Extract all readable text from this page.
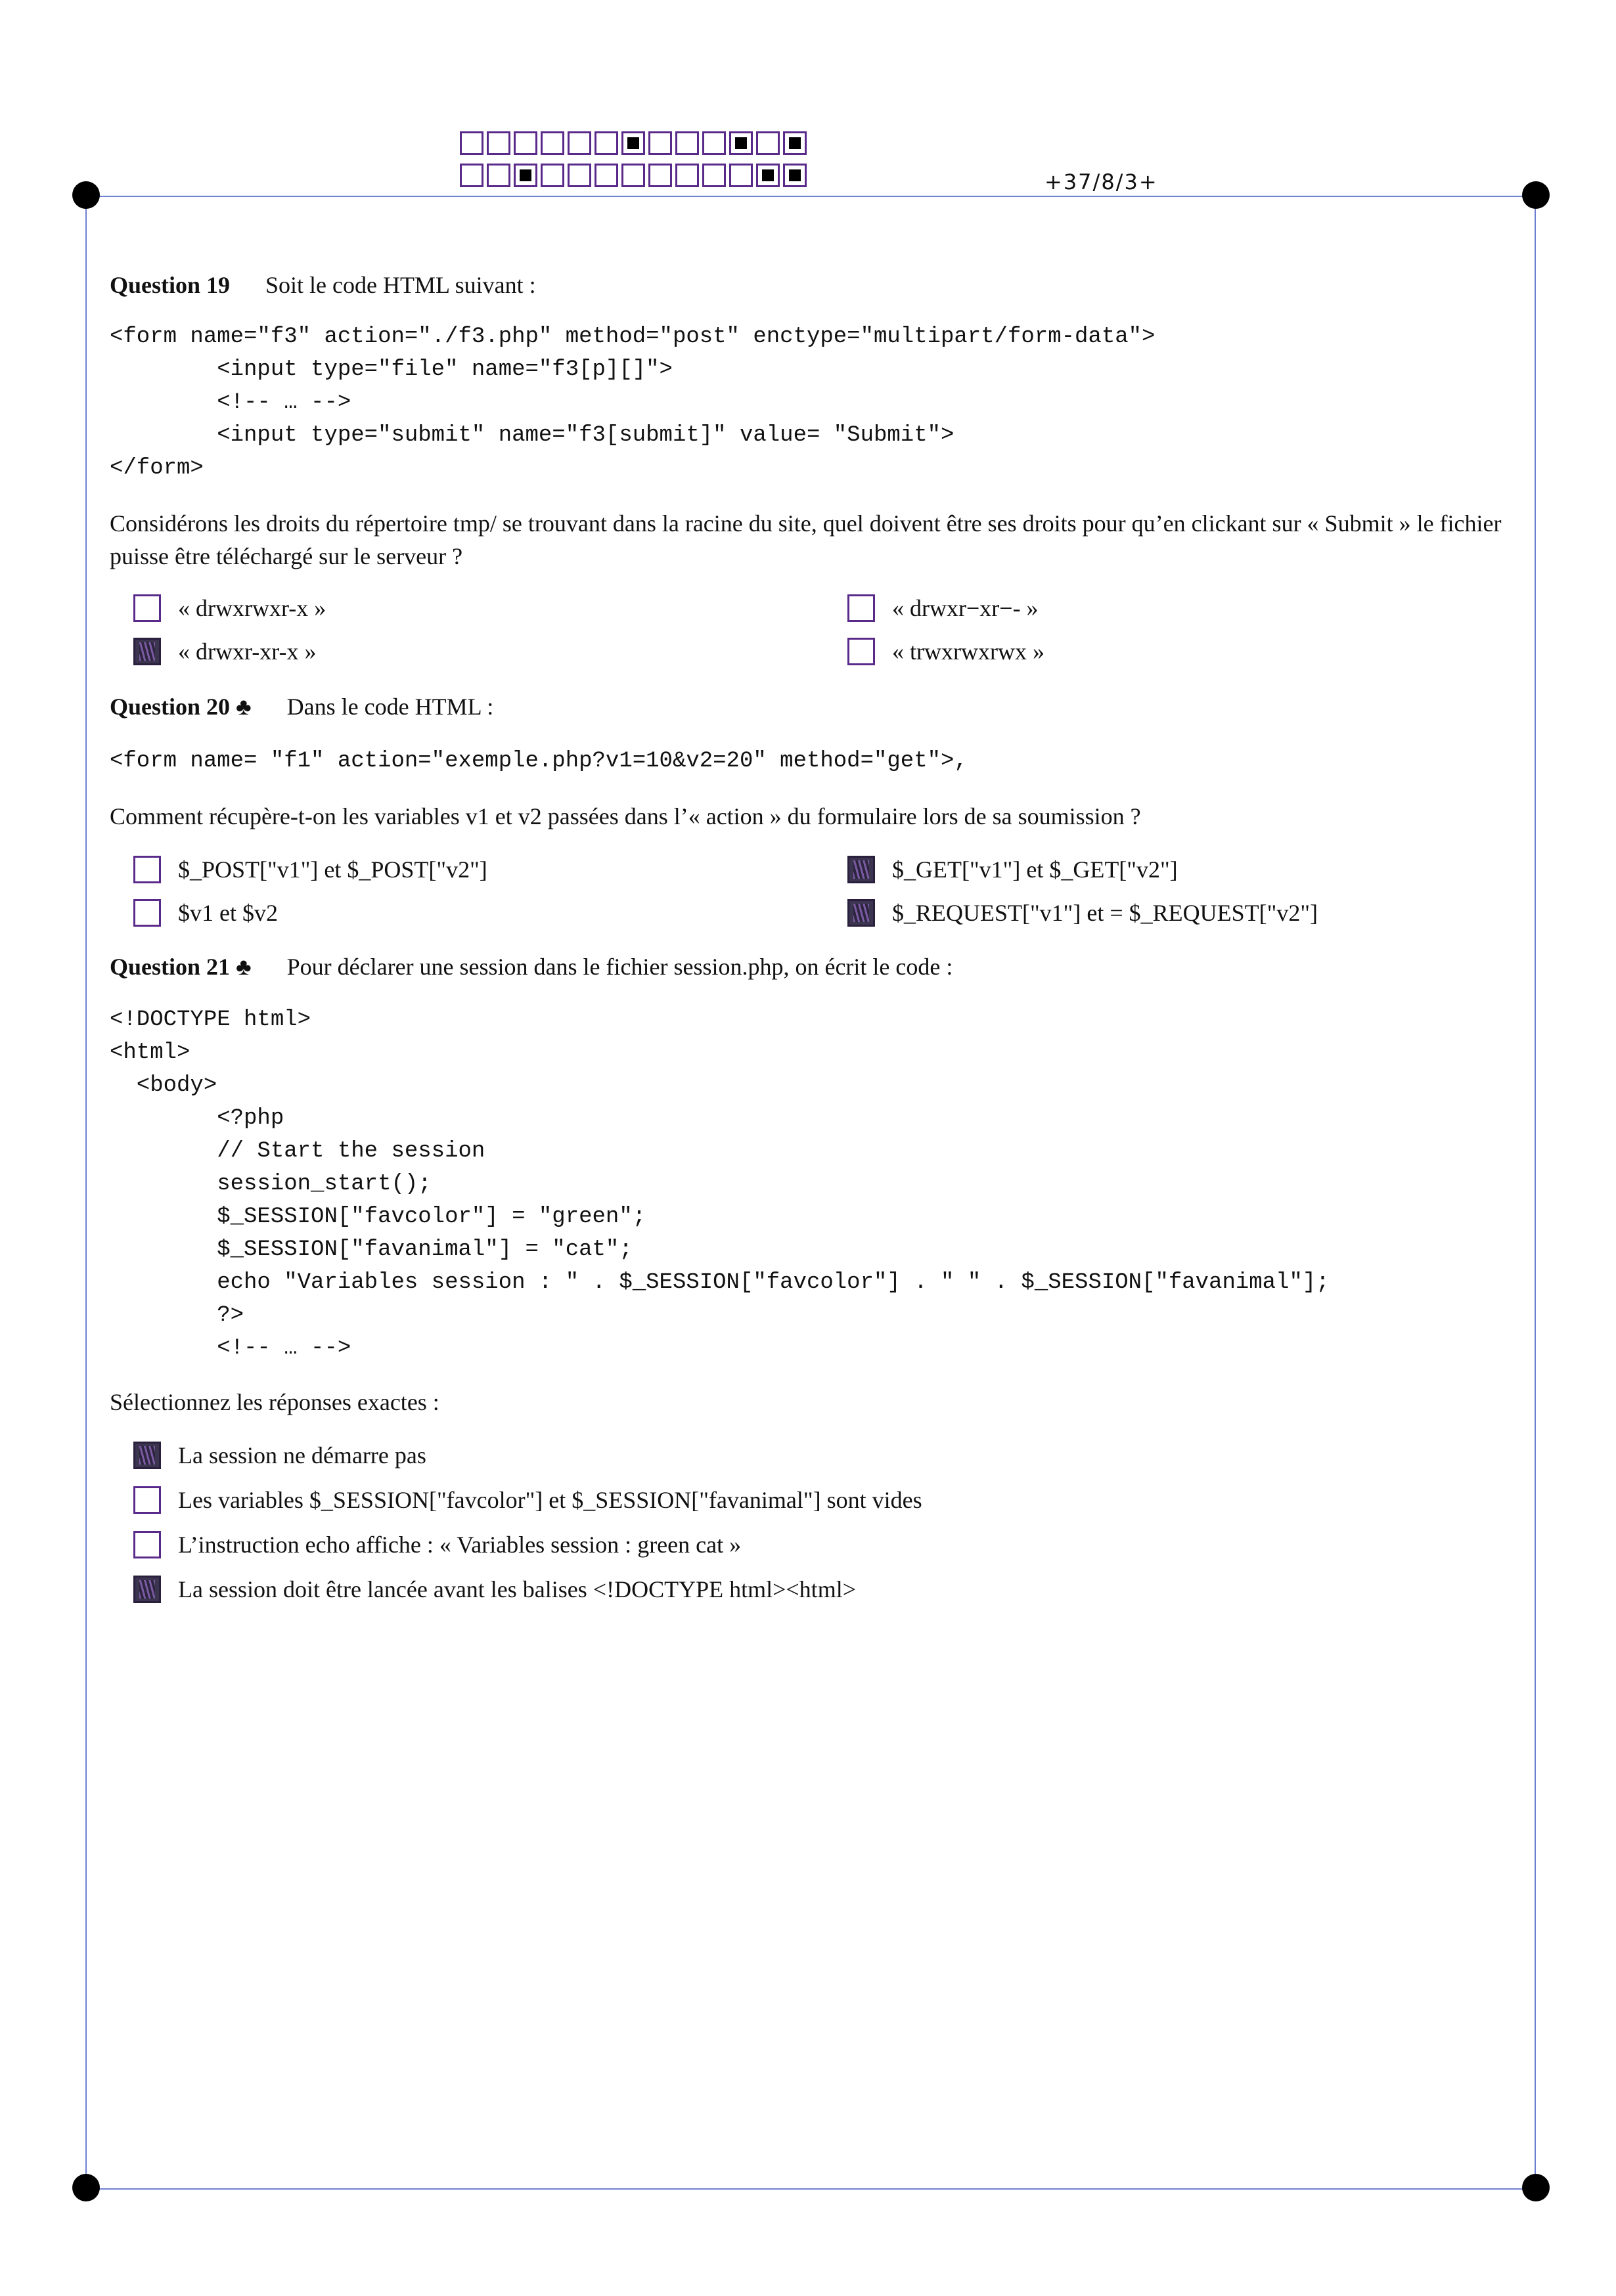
+37/8/3+

Question 19 Soit le code HTML suivant :

<form name="f3" action="./f3.php" method="post" enctype="multipart/form-data">
<input type="file" name="f3[p][]">
<!-- … -->
<input type="submit" name="f3[submit]" value= "Submit">
</form>

Considérons les droits du répertoire tmp/ se trouvant dans la racine du site, quel doivent être ses droits pour qu’en clickant sur « Submit » le fichier puisse être téléchargé sur le serveur ?

« drwxrwxr-x »	« drwxr−xr−- »
« drwxr-xr-x »	« trwxrwxrwx »

Question 20 ♣ Dans le code HTML :

<form name= "f1" action="exemple.php?v1=10&v2=20" method="get">,

Comment récupère-t-on les variables v1 et v2 passées dans l’« action » du formulaire lors de sa soumission ?

$_POST["v1"] et $_POST["v2"]	$_GET["v1"] et $_GET["v2"]
$v1 et $v2	$_REQUEST["v1"] et = $_REQUEST["v2"]

Question 21 ♣ Pour déclarer une session dans le fichier session.php, on écrit le code :

<!DOCTYPE html>
<html>
<body>
<?php
// Start the session
session_start();
$_SESSION["favcolor"] = "green";
$_SESSION["favanimal"] = "cat";
echo "Variables session : " . $_SESSION["favcolor"] . " " . $_SESSION["favanimal"];
?>
<!-- … -->

Sélectionnez les réponses exactes :

La session ne démarre pas
Les variables $_SESSION["favcolor"] et $_SESSION["favanimal"] sont vides
L’instruction echo affiche : « Variables session : green cat »
La session doit être lancée avant les balises <!DOCTYPE html><html>
